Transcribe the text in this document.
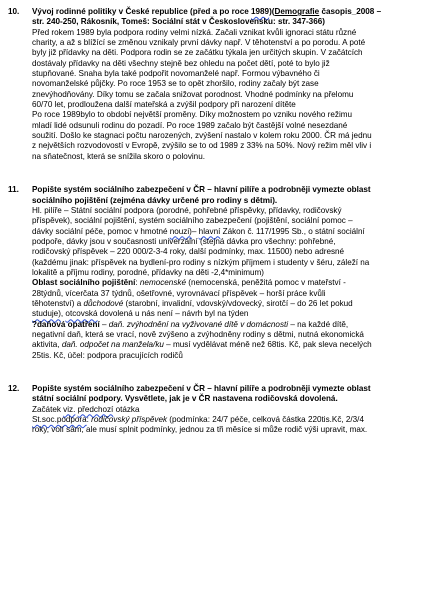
10.	Vývoj rodinné politiky v České republice (před a po roce 1989)(Demografie časopis_2008 –
str. 240-250, Rákosník, Tomeš: Sociální stát v Československu: str. 347-366)
Před rokem 1989 byla podpora rodiny velmi nízká. Začali vznikat kvůli ignoraci státu různé
charity, a až s blížící se změnou vznikaly první dávky např. V těhotenství a po porodu. A poté
byly již přídavky na děti. Podpora rodin se ze začátku týkala jen určitých skupin. V začátcích
dostávaly přídavky na děti všechny stejně bez ohledu na počet dětí, poté to bylo již
stupňované. Snaha byla také podpořit novomanželé např. Formou výbavného či
novomanželské půjčky. Po roce 1953 se to opět zhoršilo, rodiny začaly být zase
znevýhodňovány. Díky tomu se začala snižovat porodnost. Vhodné podmínky na přelomu
60/70 let, prodloužena další mateřská a zvýšil podpory při narození dítěte
Po roce 1989bylo to období největší proměny. Díky možnostem po vzniku nového režimu
mladí lidé odsunuli rodinu do pozadí. Po roce 1989 začalo být častější volné nesezdané
soužití. Došlo ke stagnaci počtu narozených, zvýšení nastalo v kolem roku 2000. ČR má jednu
z největších rozvodovostí v Evropě, zvýšilo se to od 1989 z 33% na 50%. Nový režim měl vliv i
na sňatečnost, která se snížila skoro o polovinu.
11.	Popište systém sociálního zabezpečení v ČR – hlavní pilíře a podrobněji vymezte oblast
sociálního pojištění (zejména dávky určené pro rodiny s dětmi).
Hl. pilíře – Státní sociální podpora (porodné, pohřebné příspěvky, přídavky, rodičovský
příspěvek), sociální pojištění, systém sociálního zabezpečení (pojištění, sociální pomoc –
dávky sociální péče, pomoc v hmotné nouzi)– hlavní Zákon č. 117/1995 Sb., o státní sociální
podpoře, dávky jsou v současnosti univerzální (stejná dávka pro všechny: pohřebné,
rodičovský příspěvek – 220 000/2-3-4 roky, další podmínky, max. 11500) nebo adresné
(každému jinak: příspěvek na bydlení-pro rodiny s nízkým příjmem i studenty v šéru, záleží na
lokalitě a příjmu rodiny, porodné, přídavky na děti -2,4*minimum)
Oblast sociálního pojištění: nemocenské (nemocenská, peněžitá pomoc v mateřství -
28týdnů, vícerčata 37 týdnů, ošetřovné, vyrovnávací příspěvek – horší práce kvůli
těhotenství) a důchodové (starobní, invalidní, vdovský/vdovecký, sirotčí – do 26 let pokud
studuje), otcovská dovolená u nás není – návrh byl na týden
?daňová opatření – daň. zvýhodnění na vyživované dítě v domácnosti – na každé dítě,
negativní daň, která se vrací, nově zvýšeno a zvýhodněny rodiny s dětmi, nutná ekonomická
aktivita, daň. odpočet na manžela/ku – musí vydělávat méně než 68tis. Kč, pak sleva necelých
25tis. Kč, účel: podpora pracujících rodičů
12.	Popište systém sociálního zabezpečení v ČR – hlavní pilíře a podrobněji vymezte oblast
státní sociální podpory. Vysvětlete, jak je v ČR nastavena rodičovská dovolená.
Začátek viz. předchozí otázka
St.soc.podpora: rodičovský příspěvek (podmínka: 24/7 péče, celková částka 220tis.Kč, 2/3/4
roky, volí sám, ale musí splnit podmínky, jednou za tři měsíce si může rodič výši upravit, max.
